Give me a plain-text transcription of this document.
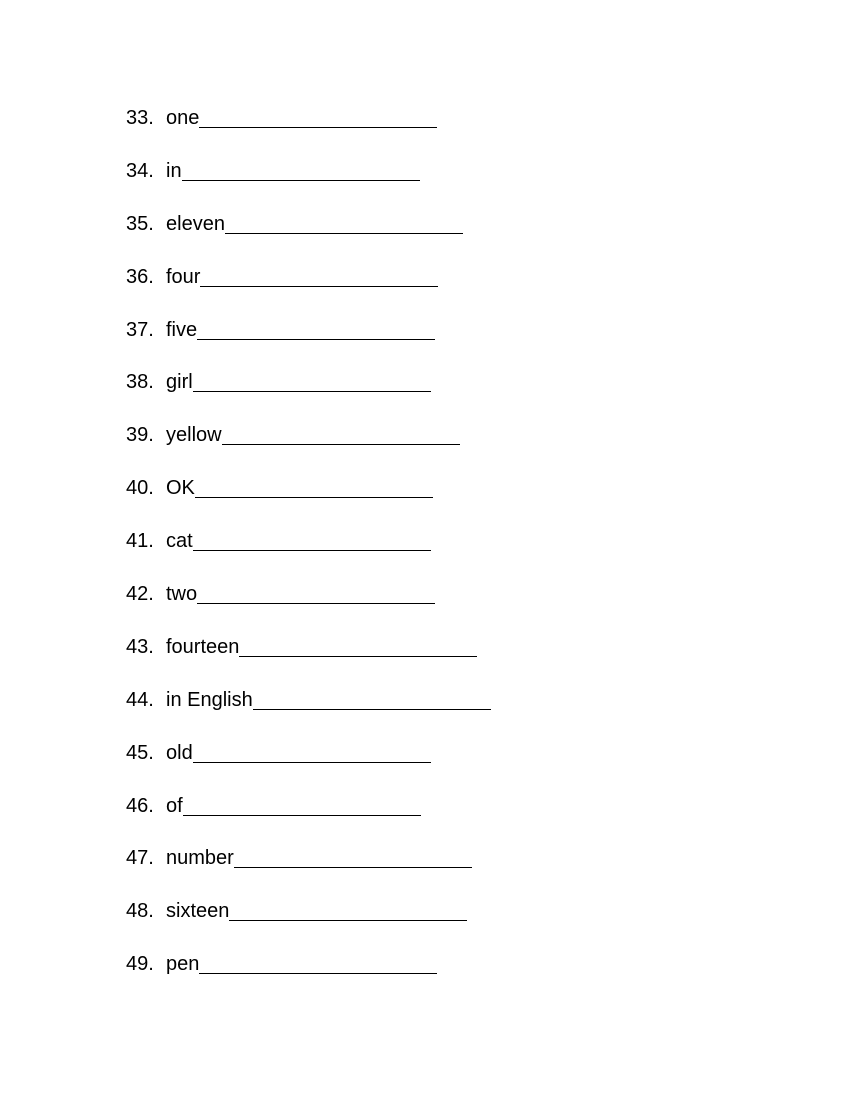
33. one
34. in
35. eleven
36. four
37. five
38. girl
39. yellow
40. OK
41. cat
42. two
43. fourteen
44. in English
45. old
46. of
47. number
48. sixteen
49. pen
